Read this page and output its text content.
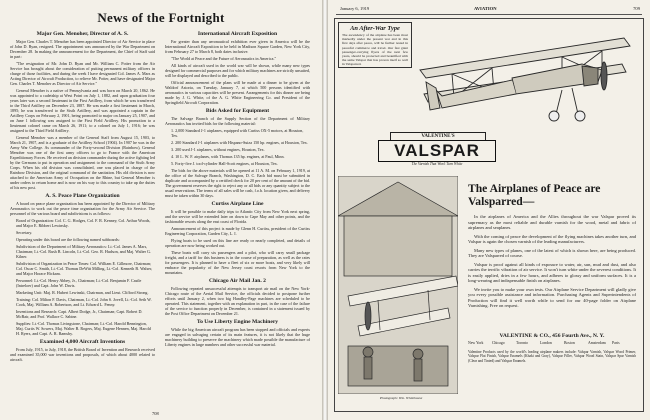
News of the Fortnight
Major Gen. Menoher, Director of A. S.
Major Gen. Charles T. Menoher has been appointed Director of Air Service in place of John D. Ryan, resigned. The appointment was announced by the War Department on December 28. In making the announcement for the Department, the Chief of Staff said in part:
"The resignation of Mr. John D. Ryan and Mr. William C. Potter from the Air Service has brought about the consideration of putting permanent military officers in charge of those facilities, and during the week I have designated Col. James A. Mars as Acting Director of Aircraft Production, to relieve Mr. Potter, and have designated Major Gen. Charles T. Menoher as Director of Air Service."
General Menoher is a native of Pennsylvania and was born on March 20, 1862. He was appointed to a cadetship at West Point on July 1, 1882, and upon graduation four years later was a second lieutenant in the First Artillery, from which he was transferred to the Third Artillery on December 23, 1887. He was made a first lieutenant in March, 1895; he was transferred to the Sixth Artillery, and was appointed a captain in the Artillery Corps on February 2, 1901, being promoted to major on January 25, 1907, and on June 1 following was assigned to the First Field Artillery. His promotion to a lieutenant colonel came on March 26, 1911; to a colonel on July 1, 1916; he was assigned to the Third Field Artillery.
General Menoher was a member of the General Staff from August 15, 1903, to March 21, 1907, and is a graduate of the Artillery School (1904). In 1907 he was in the Army War College. As commander of the Forty-second Division (Rainbow), General Menoher was one of the first army officers to go to France with the American Expeditionary Forces. He received an division commander during the active fighting led by the Germans to put in operation and assignment to the command of the Sixth Army Corps. When his old division was consolidated, one was placed in charge of the Rainbow Division, and the original command of the sanitation. His old division is now attached to the American Army of Occupation on the Rhine, but General Menoher is under orders to return home and is now on his way to this country to take up the duties of his new post.
A. S. Peace Plane Organization
A board on peace plane organization has been appointed by the Director of Military Aeronautics to work out the peace time organization for the Army Air Service. The personnel of the various board and subdivisions is as follows:
Board of Organization: Col. C. G. Hodges, Col. F. R. Kenney, Col. Arthur Woods, and Major E. Ribbert Lewinsky.
Secretary.
Operating under this board are the following named subboards:
Subdivision of the Department of Military Aeronautics: Lt.-Col. James A. Mars, Chairman; Lt.-Col. Rush B. Lincoln, Lt.-Col. Geo. R. Hudson, and Maj. Walter G. Kilner.
Subdivision of Organization in Peace Times: Col. William E. Gillmore, Chairman; Col. Oscar C. Smith, Lt.-Col. Thomas DeWitt Milling, Lt.-Col. Kenneth B. Walser, and Major Horace Hickam.
Personnel: Lt.-Col. Henry Abbey, Jr., Chairman; Lt.-Col. Benjamin F. Castle (Intreloer) and Capt. John W. Davis.
Marketing Unit: Maj. R. Hubert Lewinski, Chairman, and Lieut. Clifford Strong.
Training: Col. Milton F. Davis, Chairman, Lt.-Col. John S. Jovell, Lt.-Col. Seth W. Cook, Maj. William A. Robertson, and Lt. Edward L. Fenny.
Inventions and Research: Capt. Albert Dodge, Jr., Chairman; Capt. Robert D. McBair, and Prof. Wallace C. Sabine.
Supplies: Lt.-Col. Thomas Livingstone, Chairman; Lt.-Col. Harold Bennington, Maj. Curtis W. Sowers, Maj. Walter B. Rogers, Maj. Eugene Hennen, Maj. Harold H. Ryers, and Capt. A. R. Ramsby.
Examined 4,000 Aircraft Inventions
From July, 1915, to July, 1918, the British Board of Invention and Research received and examined 35,000 war inventions and proposals, of which about 4000 related to aircraft.
International Aircraft Exposition
Far greater than any aeronautical exhibition ever given in America will be the International Aircraft Exposition to be held in Madison Square Garden, New York City, from February 27 to March 8, both dates inclusive.
"The World at Peace and the Future of Aeronautics in America."
All kinds of aircraft used in the world war will be shown, while many new types designed for commercial purposes and for which military machines are strictly unsuited, will be displayed and described to the public.
Official announcement of the plans will be made at a dinner to be given at the Waldorf Astoria, on Tuesday, January 7, at which 500 persons identified with aeronautics in various capacities will be present. Arrangements for this dinner are being made by J. G. White, of the A. G. White Engineering Co. and President of the Springfield Aircraft Corporation.
Bids Asked for Equipment
The Salvage Branch of the Supply Section of the Department of Military Aeronautics has invited bids for the following material:
1. 2,000 Standard J-1 airplanes, equipped with Curtiss OX-5 motors, at Houston, Tex.
2. 200 Standard J-1 airplanes with Hispano-Suiza 150 hp. engines, at Houston, Tex.
3. 200 used J-1 airplanes, without engines, Houston, Tex.
4. 10 L. W. F. airplanes, with Thomas 135 hp. engines, at Paul, Minn.
5. Forty-five J. tool-cylinder Hall-Scott engines, at Houston, Tex.
The bids for the above materials will be opened at 11 A. M. on February 1, 1919, at the office of the Salvage Branch, Washington, D. C. Each bid must be submitted in duplicate and accompanied by a certified check for 20 per cent of the amount of the bid. The government reserves the right to reject any or all bids or any quantity subject to the usual reservations. The terms of all sales will be cash, f.o.b. location given, and delivery must be taken within 30 days.
Curtiss Airplane Line
It will be possible to make daily trips to Atlantic City from New York next spring, and the service will be extended later on down to Cape May and other points, and the fashionable resorts along the east coast of Florida.
Announcement of this project is made by Glenn H. Curtiss, president of the Curtiss Engineering Corporation, Garden City, L. I.
Flying boats to be used on this line are ready or nearly completed, and details of operation are now being worked out.
These boats will carry six passengers and a pilot, who will carry small package freight, and a tariff for this business is in the course of preparation, as well as the rates for passengers. It is planned to have a fleet of six or more boats, and very likely will embrace the popularity of the New Jersey coast resorts from New York to the mountains.
Chicago Air Mail Jan. 2
Following repeated unsuccessful attempts to transport air mail on the New York-Chicago route of the Aerial Mail Service, the officials decided to postpone further efforts until January 2, when two big Handley-Page machines are scheduled to be operated. This statement, together with an explanation in part, in the case of the failure of the service to function properly in December, is contained in a statement issued by the Post Office Department on December 21.
To Use Liberty Engine Machinery
While the big American aircraft program has been stopped and officials and experts are engaged in salvaging certain of its main features, it is not likely that the huge machinery building to preserve the machinery which made possible the manufacture of Liberty engines in large numbers and other successful war material.
708
January 6, 1919	AVIATION	709
An After-War Type
The ascendency of the airplane has been most markedly under the present war and in this first days after peace, will be further tested in peaceful commerce and travel. Our fast giant passenger-carrying flyers of the next few years, should be protected and beautified with the same Valspar that has proven itself so well in Valsparred.
VALENTINE'S
VALSPAR
The Varnish That Won't Turn White
Photograph: Wm. Whitehouse
The Airplanes of Peace are Valsparred—
In the airplanes of America and the Allies throughout the war Valspar proved its supremacy as the most reliable and durable varnish for the wood, metal and fabric of airplanes and seaplanes.
With the coming of peace the development of the flying machines takes another turn, and Valspar is again the chosen varnish of the leading manufacturers.
Many new types of planes, one of the latest of which is shown here, are being produced. They are Valsparred of course.
Valspar is proof against all kinds of exposure to water, air, sun, mud and dust, and also carries the terrific vibration of air service. It won't turn white under the severest conditions. It is easily applied, dries in a few hours, and adheres to glossy and uniform surfaces. It is a long-wearing and indispensable finish on airplanes.
We invite you to make your own tests. Our Airplane Service Department will gladly give you every possible assistance and information. Purchasing Agents and Superintendents of Production will find it well worth while to send for our 40-page folder on Airplane Varnishing. Free on request.
VALENTINE & CO., 456 Fourth Ave., N. Y.
New York Chicago	Toronto	London	Boston	Amsterdam Paris
Valentine Products used by the world's leading airplane makers include: Valspar Varnish, Valspar Wood Primer, Valspar Flat Finish, Valspar Enamels (Khaki and Gray), Valspar Filler, Valspar Wood Stain, Valspar Spar Varnish (Clear and Tinted) and Valspar Enamels.
